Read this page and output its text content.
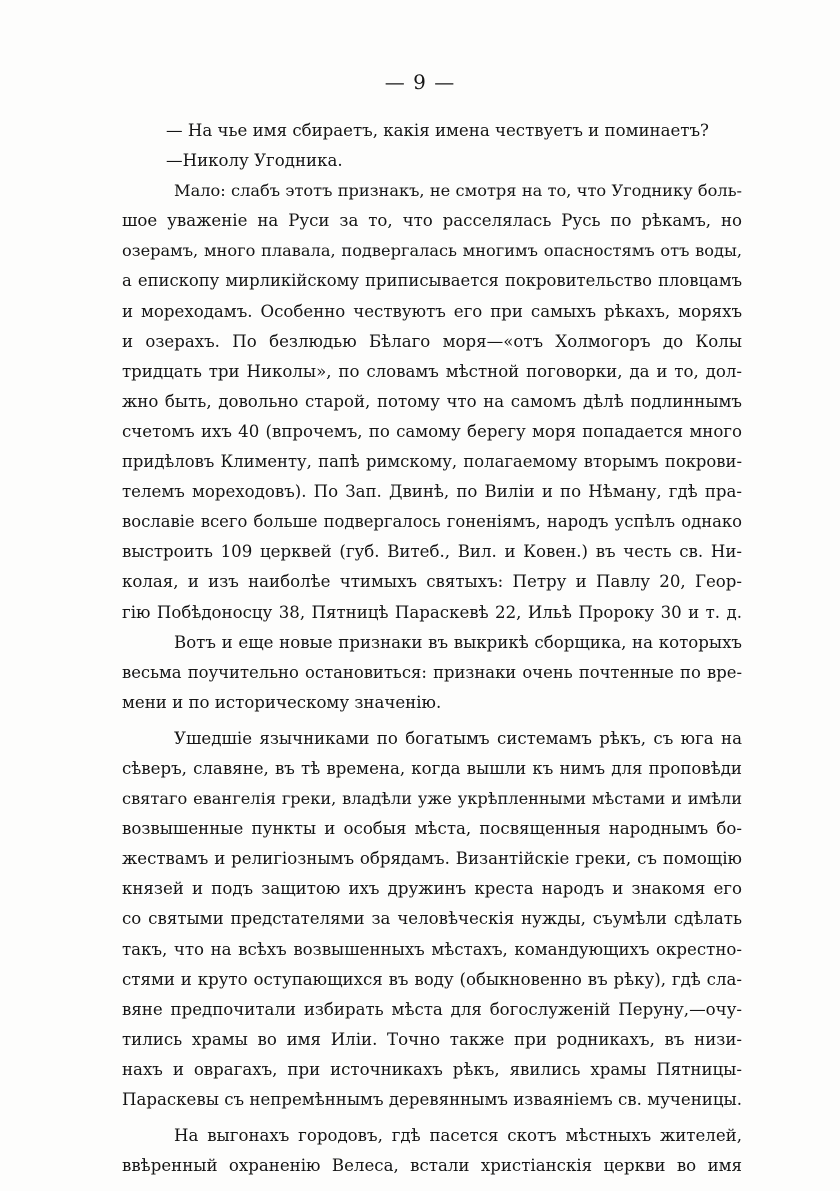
— 9 —
— На чье имя сбираетъ, какія имена чествуетъ и поминаетъ?
—Николу Угодника.
Мало: слабъ этотъ признакъ, не смотря на то, что Угоднику боль-
шое уваженіе на Руси за то, что расселялась Русь по рѣкамъ, но
озерамъ, много плавала, подвергалась многимъ опасностямъ отъ воды,
а епископу мирликійскому приписывается покровительство пловцамъ
и мореходамъ. Особенно чествуютъ его при самыхъ рѣкахъ, моряхъ
и озерахъ. По безлюдью Бѣлаго моря—«отъ Холмогоръ до Колы
тридцать три Николы», по словамъ мѣстной поговорки, да и то, дол-
жно быть, довольно старой, потому что на самомъ дѣлѣ подлиннымъ
счетомъ ихъ 40 (впрочемъ, по самому берегу моря попадается много
придѣловъ Клименту, папѣ римскому, полагаемому вторымъ покрови-
телемъ мореходовъ). По Зап. Двинѣ, по Виліи и по Нѣману, гдѣ пра-
вославіе всего больше подвергалось гоненіямъ, народъ успѣлъ однако
выстроить 109 церквей (губ. Витеб., Вил. и Ковен.) въ честь св. Ни-
колая, и изъ наиболѣе чтимыхъ святыхъ: Петру и Павлу 20, Геор-
гію Побѣдоносцу 38, Пятницѣ Параскевѣ 22, Ильѣ Пророку 30 и т. д.
Вотъ и еще новые признаки въ выкрикѣ сборщика, на которыхъ
весьма поучительно остановиться: признаки очень почтенные по вре-
мени и по историческому значенію.
Ушедшіе язычниками по богатымъ системамъ рѣкъ, съ юга на
сѣверъ, славяне, въ тѣ времена, когда вышли къ нимъ для проповѣди
святаго евангелія греки, владѣли уже укрѣпленными мѣстами и имѣли
возвышенные пункты и особыя мѣста, посвященныя народнымъ бо-
жествамъ и религіознымъ обрядамъ. Византійскіе греки, съ помощію
князей и подъ защитою ихъ дружинъ креста народъ и знакомя его
со святыми предстателями за человѣческія нужды, съумѣли сдѣлать
такъ, что на всѣхъ возвышенныхъ мѣстахъ, командующихъ окрестно-
стями и круто оступающихся въ воду (обыкновенно въ рѣку), гдѣ сла-
вяне предпочитали избирать мѣста для богослуженій Перуну,—очу-
тились храмы во имя Иліи. Точно также при родникахъ, въ низи-
нахъ и оврагахъ, при источникахъ рѣкъ, явились храмы Пятницы-
Параскевы съ непремѣннымъ деревяннымъ изваяніемъ св. мученицы.
На выгонахъ городовъ, гдѣ пасется скотъ мѣстныхъ жителей,
ввѣренный охраненію Велеса, встали христіанскія церкви во имя
